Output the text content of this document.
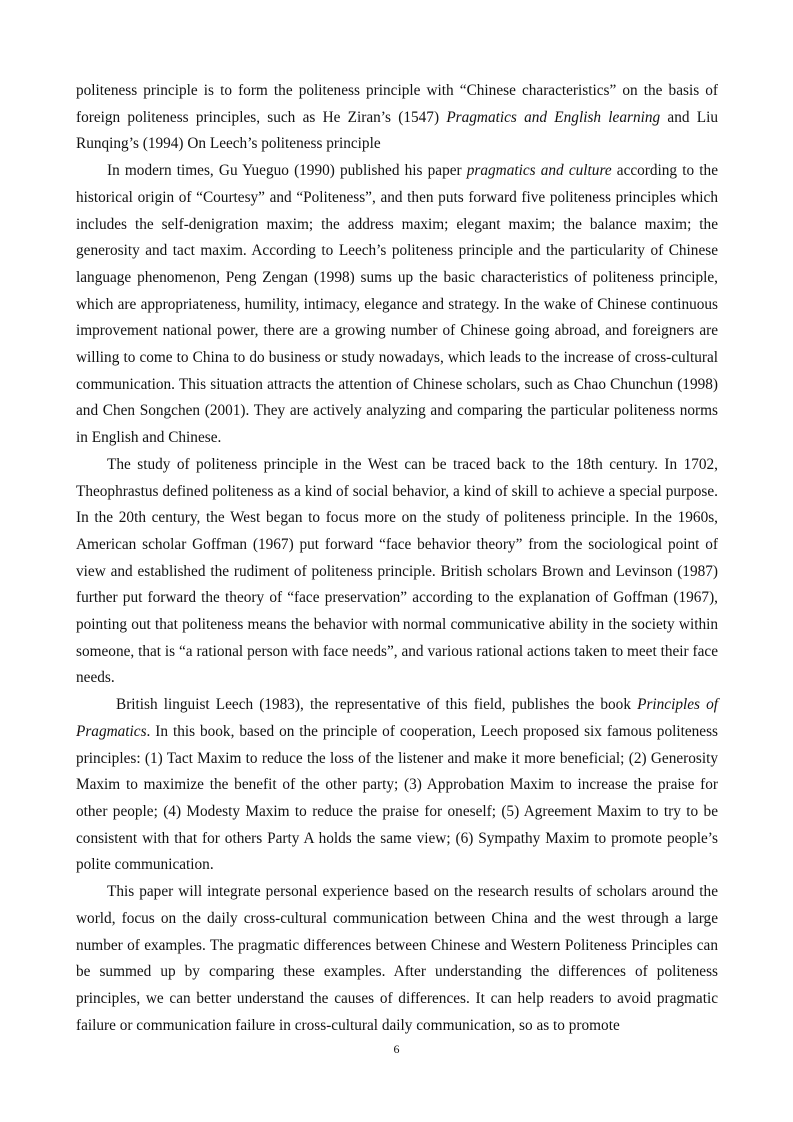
politeness principle is to form the politeness principle with “Chinese characteristics” on the basis of foreign politeness principles, such as He Ziran’s (1547) Pragmatics and English learning and Liu Runqing’s (1994) On Leech’s politeness principle

In modern times, Gu Yueguo (1990) published his paper pragmatics and culture according to the historical origin of “Courtesy” and “Politeness”, and then puts forward five politeness principles which includes the self-denigration maxim; the address maxim; elegant maxim; the balance maxim; the generosity and tact maxim. According to Leech’s politeness principle and the particularity of Chinese language phenomenon, Peng Zengan (1998) sums up the basic characteristics of politeness principle, which are appropriateness, humility, intimacy, elegance and strategy. In the wake of Chinese continuous improvement national power, there are a growing number of Chinese going abroad, and foreigners are willing to come to China to do business or study nowadays, which leads to the increase of cross-cultural communication. This situation attracts the attention of Chinese scholars, such as Chao Chunchun (1998) and Chen Songchen (2001). They are actively analyzing and comparing the particular politeness norms in English and Chinese.

The study of politeness principle in the West can be traced back to the 18th century. In 1702, Theophrastus defined politeness as a kind of social behavior, a kind of skill to achieve a special purpose. In the 20th century, the West began to focus more on the study of politeness principle. In the 1960s, American scholar Goffman (1967) put forward “face behavior theory” from the sociological point of view and established the rudiment of politeness principle. British scholars Brown and Levinson (1987) further put forward the theory of “face preservation” according to the explanation of Goffman (1967), pointing out that politeness means the behavior with normal communicative ability in the society within someone, that is “a rational person with face needs”, and various rational actions taken to meet their face needs.

British linguist Leech (1983), the representative of this field, publishes the book Principles of Pragmatics. In this book, based on the principle of cooperation, Leech proposed six famous politeness principles: (1) Tact Maxim to reduce the loss of the listener and make it more beneficial; (2) Generosity Maxim to maximize the benefit of the other party; (3) Approbation Maxim to increase the praise for other people; (4) Modesty Maxim to reduce the praise for oneself; (5) Agreement Maxim to try to be consistent with that for others Party A holds the same view; (6) Sympathy Maxim to promote people’s polite communication.

This paper will integrate personal experience based on the research results of scholars around the world, focus on the daily cross-cultural communication between China and the west through a large number of examples. The pragmatic differences between Chinese and Western Politeness Principles can be summed up by comparing these examples. After understanding the differences of politeness principles, we can better understand the causes of differences. It can help readers to avoid pragmatic failure or communication failure in cross-cultural daily communication, so as to promote

6
